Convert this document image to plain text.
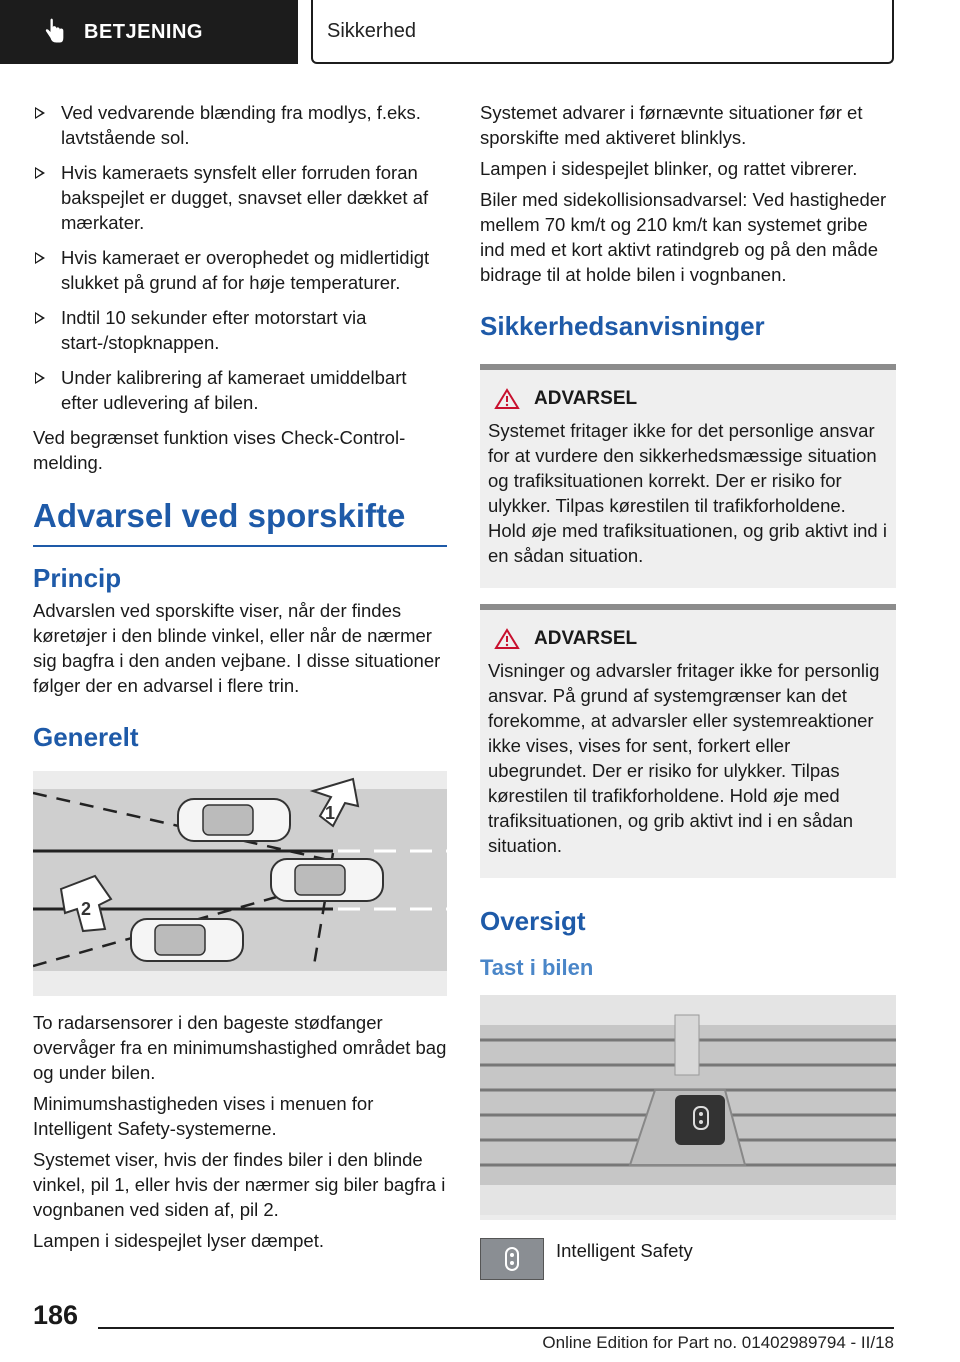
BETJENING	Sikkerhed
Ved vedvarende blænding fra modlys, f.eks. lavtstående sol.
Hvis kameraets synsfelt eller forruden foran bakspejlet er dugget, snavset eller dækket af mærkater.
Hvis kameraet er overophedet og midlertidigt slukket på grund af for høje temperaturer.
Indtil 10 sekunder efter motorstart via start-/stopknappen.
Under kalibrering af kameraet umiddelbart efter udlevering af bilen.

Ved begrænset funktion vises Check-Control-melding.

Advarsel ved sporskifte
Princip

Advarslen ved sporskifte viser, når der findes køretøjer i den blinde vinkel, eller når de nærmer sig bagfra i den anden vejbane. I disse situationer følger der en advarsel i flere trin.

Generelt
1
2

To radarsensorer i den bageste stødfanger overvåger fra en minimumshastighed området bag og under bilen.

Minimumshastigheden vises i menuen for Intelligent Safety-systemerne.

Systemet viser, hvis der findes biler i den blinde vinkel, pil 1, eller hvis der nærmer sig biler bagfra i vognbanen ved siden af, pil 2.

Lampen i sidespejlet lyser dæmpet.

Systemet advarer i førnævnte situationer før et sporskifte med aktiveret blinklys.

Lampen i sidespejlet blinker, og rattet vibrerer.

Biler med sidekollisionsadvarsel: Ved hastigheder mellem 70 km/t og 210 km/t kan systemet gribe ind med et kort aktivt ratindgreb og på den måde bidrage til at holde bilen i vognbanen.

Sikkerhedsanvisninger
ADVARSEL

Systemet fritager ikke for det personlige ansvar for at vurdere den sikkerhedsmæssige situation og trafiksituationen korrekt. Der er risiko for ulykker. Tilpas kørestilen til trafikforholdene. Hold øje med trafiksituationen, og grib aktivt ind i en sådan situation.

ADVARSEL

Visninger og advarsler fritager ikke for personlig ansvar. På grund af systemgrænser kan det forekomme, at advarsler eller systemreaktioner ikke vises, vises for sent, forkert eller ubegrundet. Der er risiko for ulykker. Tilpas kørestilen til trafikforholdene. Hold øje med trafiksituationen, og grib aktivt ind i en sådan situation.

Oversigt
Tast i bilen
Intelligent Safety
186
Online Edition for Part no. 01402989794 - II/18
